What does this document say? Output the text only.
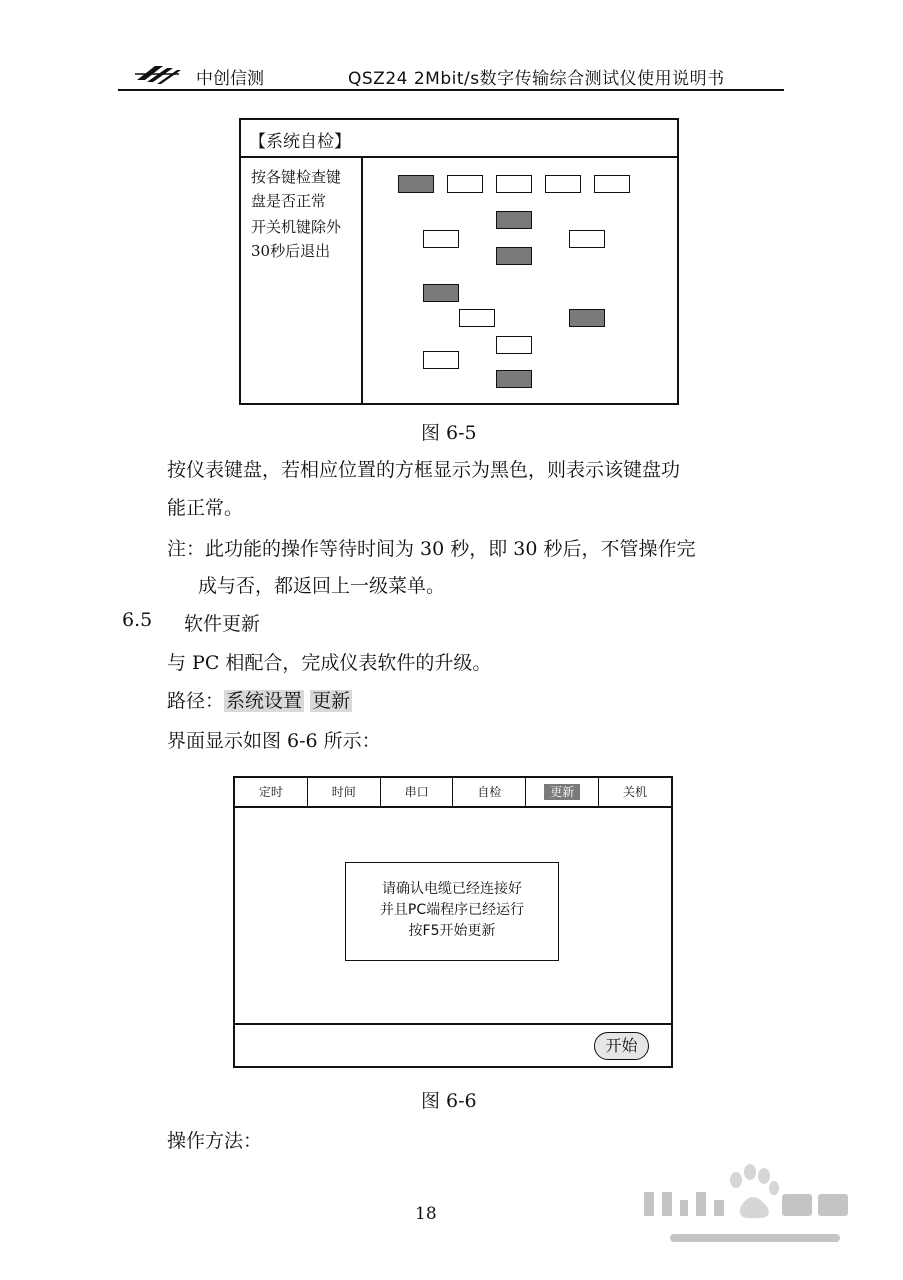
中创信测	QSZ24 2Mbit/s数字传输综合测试仪使用说明书
【系统自检】
按各键检查键
盘是否正常
开关机键除外
30秒后退出
图 6-5
按仪表键盘，若相应位置的方框显示为黑色，则表示该键盘功
能正常。
注：此功能的操作等待时间为 30 秒，即 30 秒后，不管操作完
成与否，都返回上一级菜单。
6.5 软件更新
与 PC 相配合，完成仪表软件的升级。
路径： 系统设置 更新
界面显示如图 6-6 所示：
定时	时间	串口	自检	更新	关机
请确认电缆已经连接好
并且PC端程序已经运行
按F5开始更新
开始
图 6-6
操作方法：
18
